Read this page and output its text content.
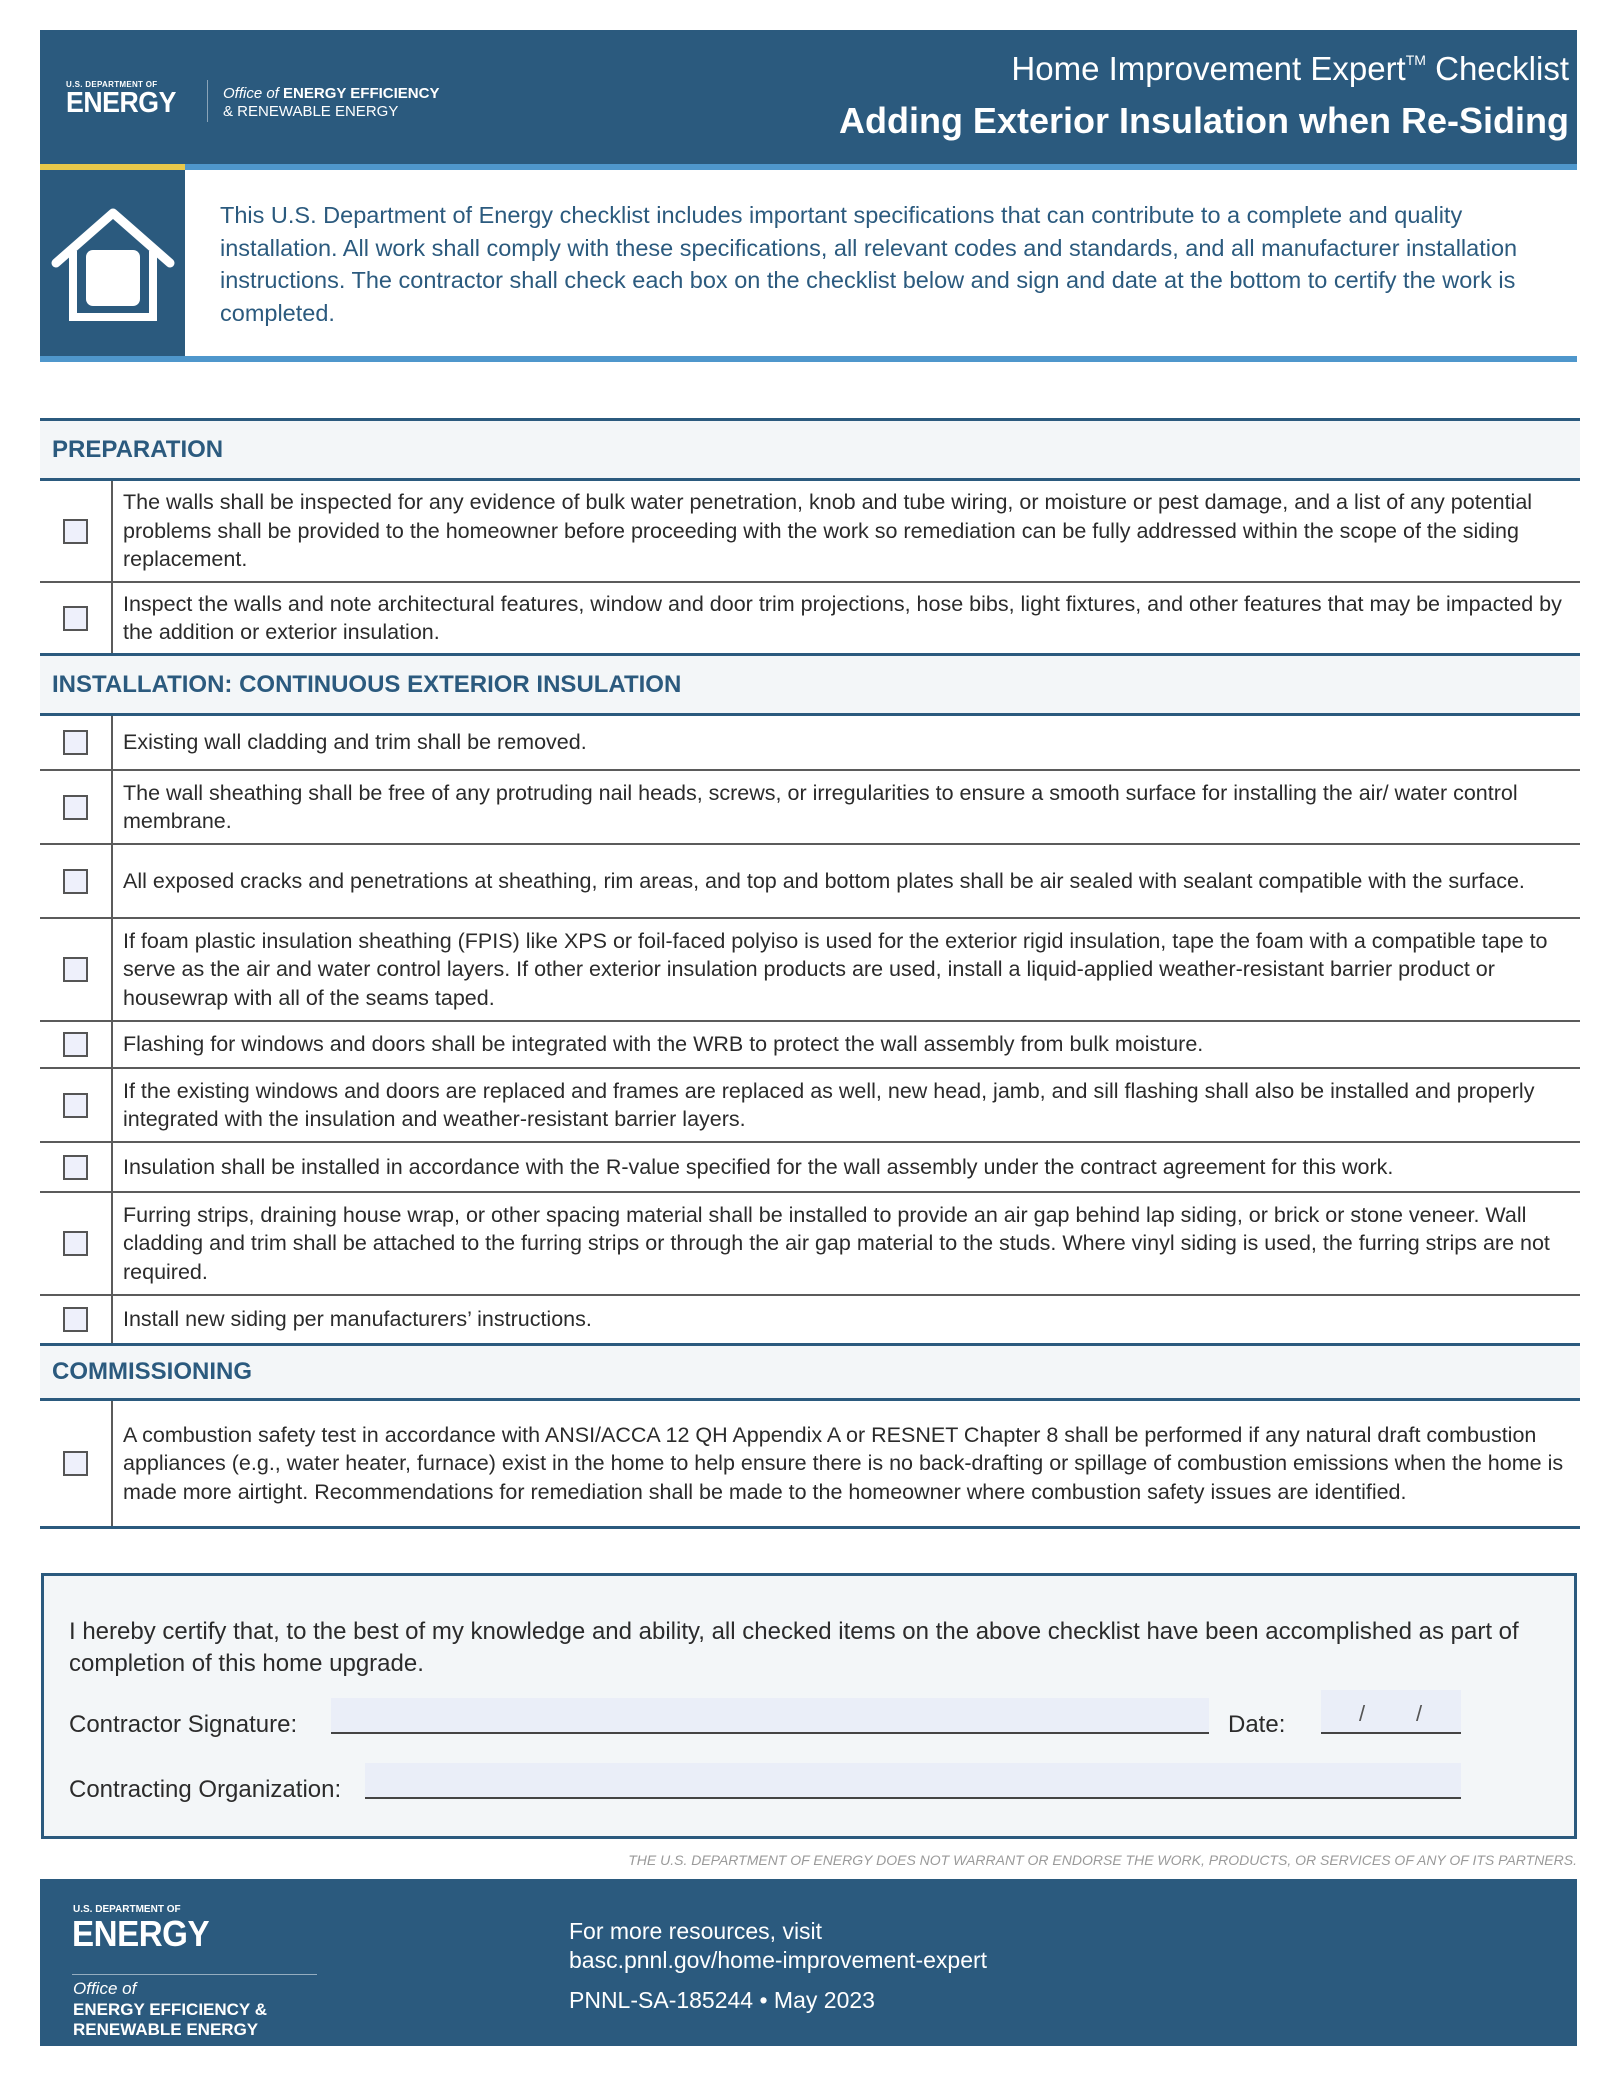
U.S. DEPARTMENT OF
ENERGY	Office of ENERGY EFFICIENCY
& RENEWABLE ENERGY
Home Improvement Expert™ Checklist
Adding Exterior Insulation when Re-Siding
This U.S. Department of Energy checklist includes important specifications that can contribute to a complete and quality installation. All work shall comply with these specifications, all relevant codes and standards, and all manufacturer installation instructions. The contractor shall check each box on the checklist below and sign and date at the bottom to certify the work is completed.
PREPARATION
The walls shall be inspected for any evidence of bulk water penetration, knob and tube wiring, or moisture or pest damage, and a list of any potential problems shall be provided to the homeowner before proceeding with the work so remediation can be fully addressed within the scope of the siding replacement.
Inspect the walls and note architectural features, window and door trim projections, hose bibs, light fixtures, and other features that may be impacted by the addition or exterior insulation.
INSTALLATION: CONTINUOUS EXTERIOR INSULATION
Existing wall cladding and trim shall be removed.
The wall sheathing shall be free of any protruding nail heads, screws, or irregularities to ensure a smooth surface for installing the air/ water control membrane.
All exposed cracks and penetrations at sheathing, rim areas, and top and bottom plates shall be air sealed with sealant compatible with the surface.
If foam plastic insulation sheathing (FPIS) like XPS or foil-faced polyiso is used for the exterior rigid insulation, tape the foam with a compatible tape to serve as the air and water control layers. If other exterior insulation products are used, install a liquid-applied weather-resistant barrier product or housewrap with all of the seams taped.
Flashing for windows and doors shall be integrated with the WRB to protect the wall assembly from bulk moisture.
If the existing windows and doors are replaced and frames are replaced as well, new head, jamb, and sill flashing shall also be installed and properly integrated with the insulation and weather-resistant barrier layers.
Insulation shall be installed in accordance with the R-value specified for the wall assembly under the contract agreement for this work.
Furring strips, draining house wrap, or other spacing material shall be installed to provide an air gap behind lap siding, or brick or stone veneer. Wall cladding and trim shall be attached to the furring strips or through the air gap material to the studs. Where vinyl siding is used, the furring strips are not required.
Install new siding per manufacturers’ instructions.
COMMISSIONING
A combustion safety test in accordance with ANSI/ACCA 12 QH Appendix A or RESNET Chapter 8 shall be performed if any natural draft combustion appliances (e.g., water heater, furnace) exist in the home to help ensure there is no back-drafting or spillage of combustion emissions when the home is made more airtight. Recommendations for remediation shall be made to the homeowner where combustion safety issues are identified.
I hereby certify that, to the best of my knowledge and ability, all checked items on the above checklist have been accomplished as part of completion of this home upgrade.
Contractor Signature:	Date:	/ /
Contracting Organization:
THE U.S. DEPARTMENT OF ENERGY DOES NOT WARRANT OR ENDORSE THE WORK, PRODUCTS, OR SERVICES OF ANY OF ITS PARTNERS.
U.S. DEPARTMENT OF
ENERGY
Office of
ENERGY EFFICIENCY &
RENEWABLE ENERGY
For more resources, visit
basc.pnnl.gov/home-improvement-expert
PNNL-SA-185244 • May 2023
